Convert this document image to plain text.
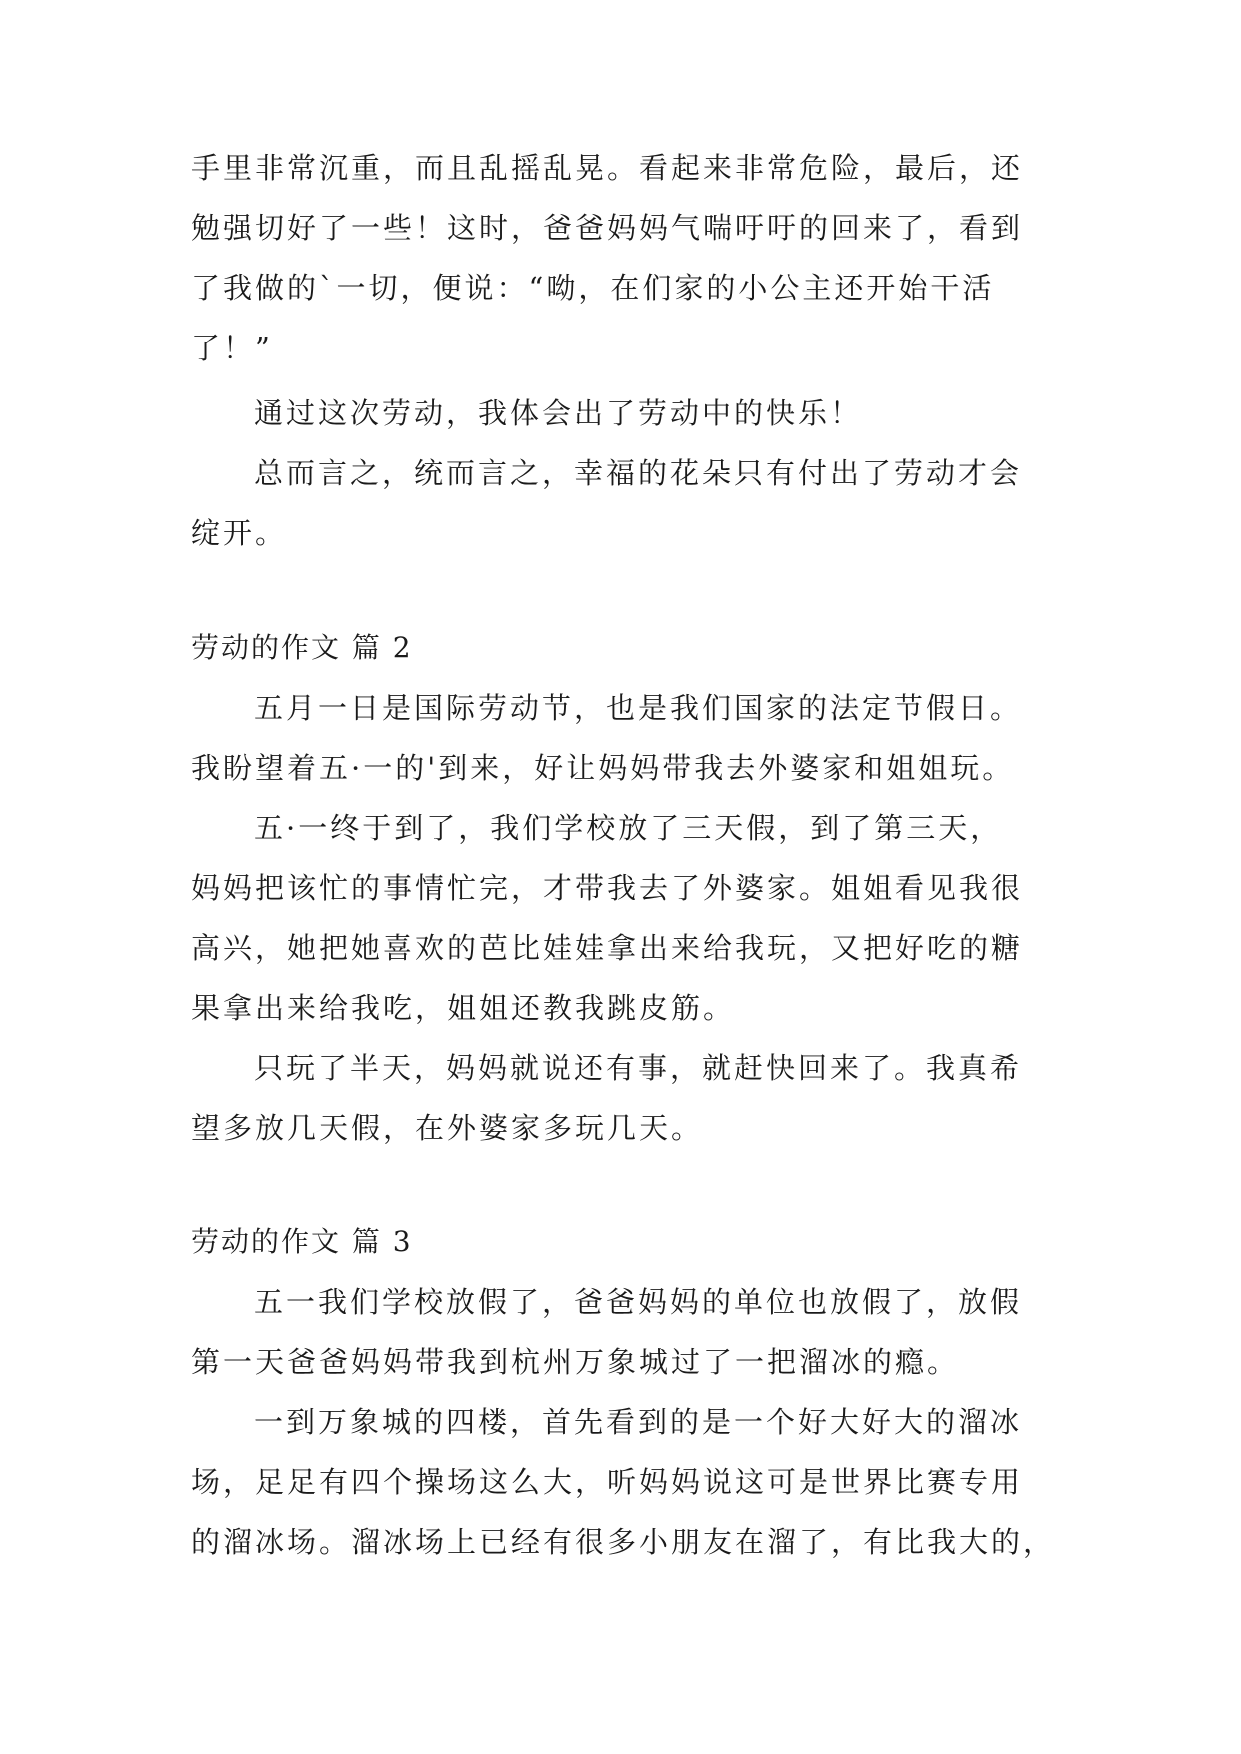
手里非常沉重，而且乱摇乱晃。看起来非常危险，最后，还
勉强切好了一些！这时，爸爸妈妈气喘吁吁的回来了，看到
了我做的`一切，便说：“呦，在们家的小公主还开始干活
了！”
通过这次劳动，我体会出了劳动中的快乐！
总而言之，统而言之，幸福的花朵只有付出了劳动才会
绽开。
劳动的作文 篇 2
五月一日是国际劳动节，也是我们国家的法定节假日。
我盼望着五·一的'到来，好让妈妈带我去外婆家和姐姐玩。
五·一终于到了，我们学校放了三天假，到了第三天，
妈妈把该忙的事情忙完，才带我去了外婆家。姐姐看见我很
高兴，她把她喜欢的芭比娃娃拿出来给我玩，又把好吃的糖
果拿出来给我吃，姐姐还教我跳皮筋。
只玩了半天，妈妈就说还有事，就赶快回来了。我真希
望多放几天假，在外婆家多玩几天。
劳动的作文 篇 3
五一我们学校放假了，爸爸妈妈的单位也放假了，放假
第一天爸爸妈妈带我到杭州万象城过了一把溜冰的瘾。
一到万象城的四楼，首先看到的是一个好大好大的溜冰
场，足足有四个操场这么大，听妈妈说这可是世界比赛专用
的溜冰场。溜冰场上已经有很多小朋友在溜了，有比我大的，
